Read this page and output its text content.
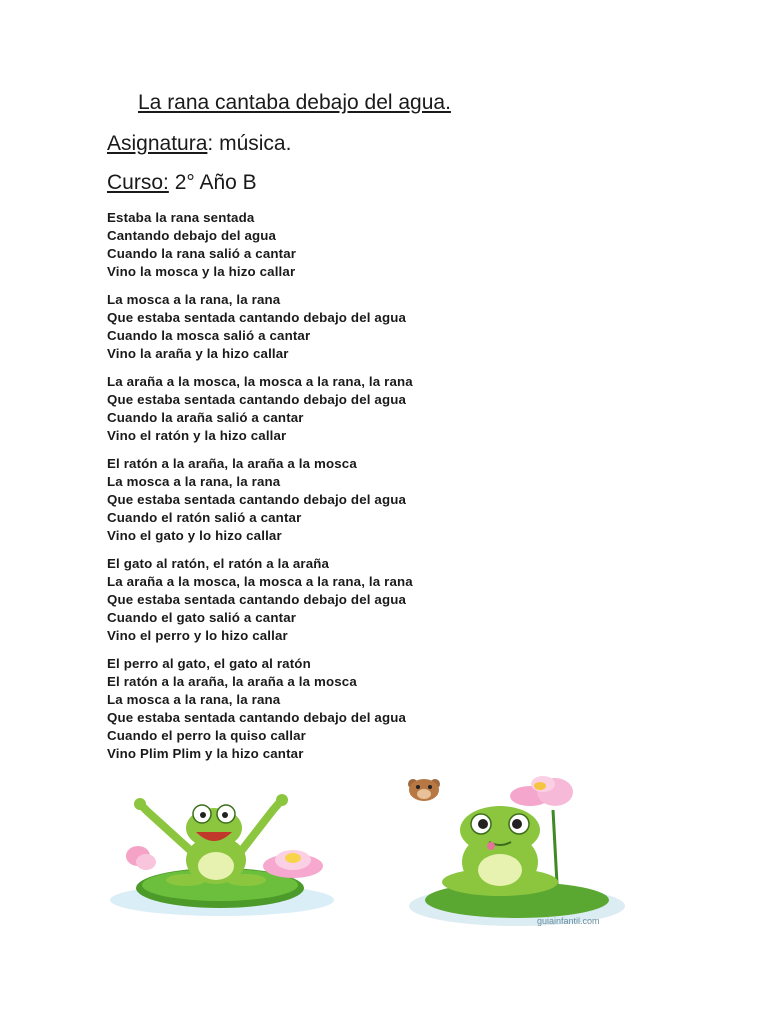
La rana cantaba debajo del agua.
Asignatura: música.
Curso: 2° Año B
Estaba la rana sentada
Cantando debajo del agua
Cuando la rana salió a cantar
Vino la mosca y la hizo callar
La mosca a la rana, la rana
Que estaba sentada cantando debajo del agua
Cuando la mosca salió a cantar
Vino la araña y la hizo callar
La araña a la mosca, la mosca a la rana, la rana
Que estaba sentada cantando debajo del agua
Cuando la araña salió a cantar
Vino el ratón y la hizo callar
El ratón a la araña, la araña a la mosca
La mosca a la rana, la rana
Que estaba sentada cantando debajo del agua
Cuando el ratón salió a cantar
Vino el gato y lo hizo callar
El gato al ratón, el ratón a la araña
La araña a la mosca, la mosca a la rana, la rana
Que estaba sentada cantando debajo del agua
Cuando el gato salió a cantar
Vino el perro y lo hizo callar
El perro al gato, el gato al ratón
El ratón a la araña, la araña a la mosca
La mosca a la rana, la rana
Que estaba sentada cantando debajo del agua
Cuando el perro la quiso callar
Vino Plim Plim y la hizo cantar
guiainfantil.com
